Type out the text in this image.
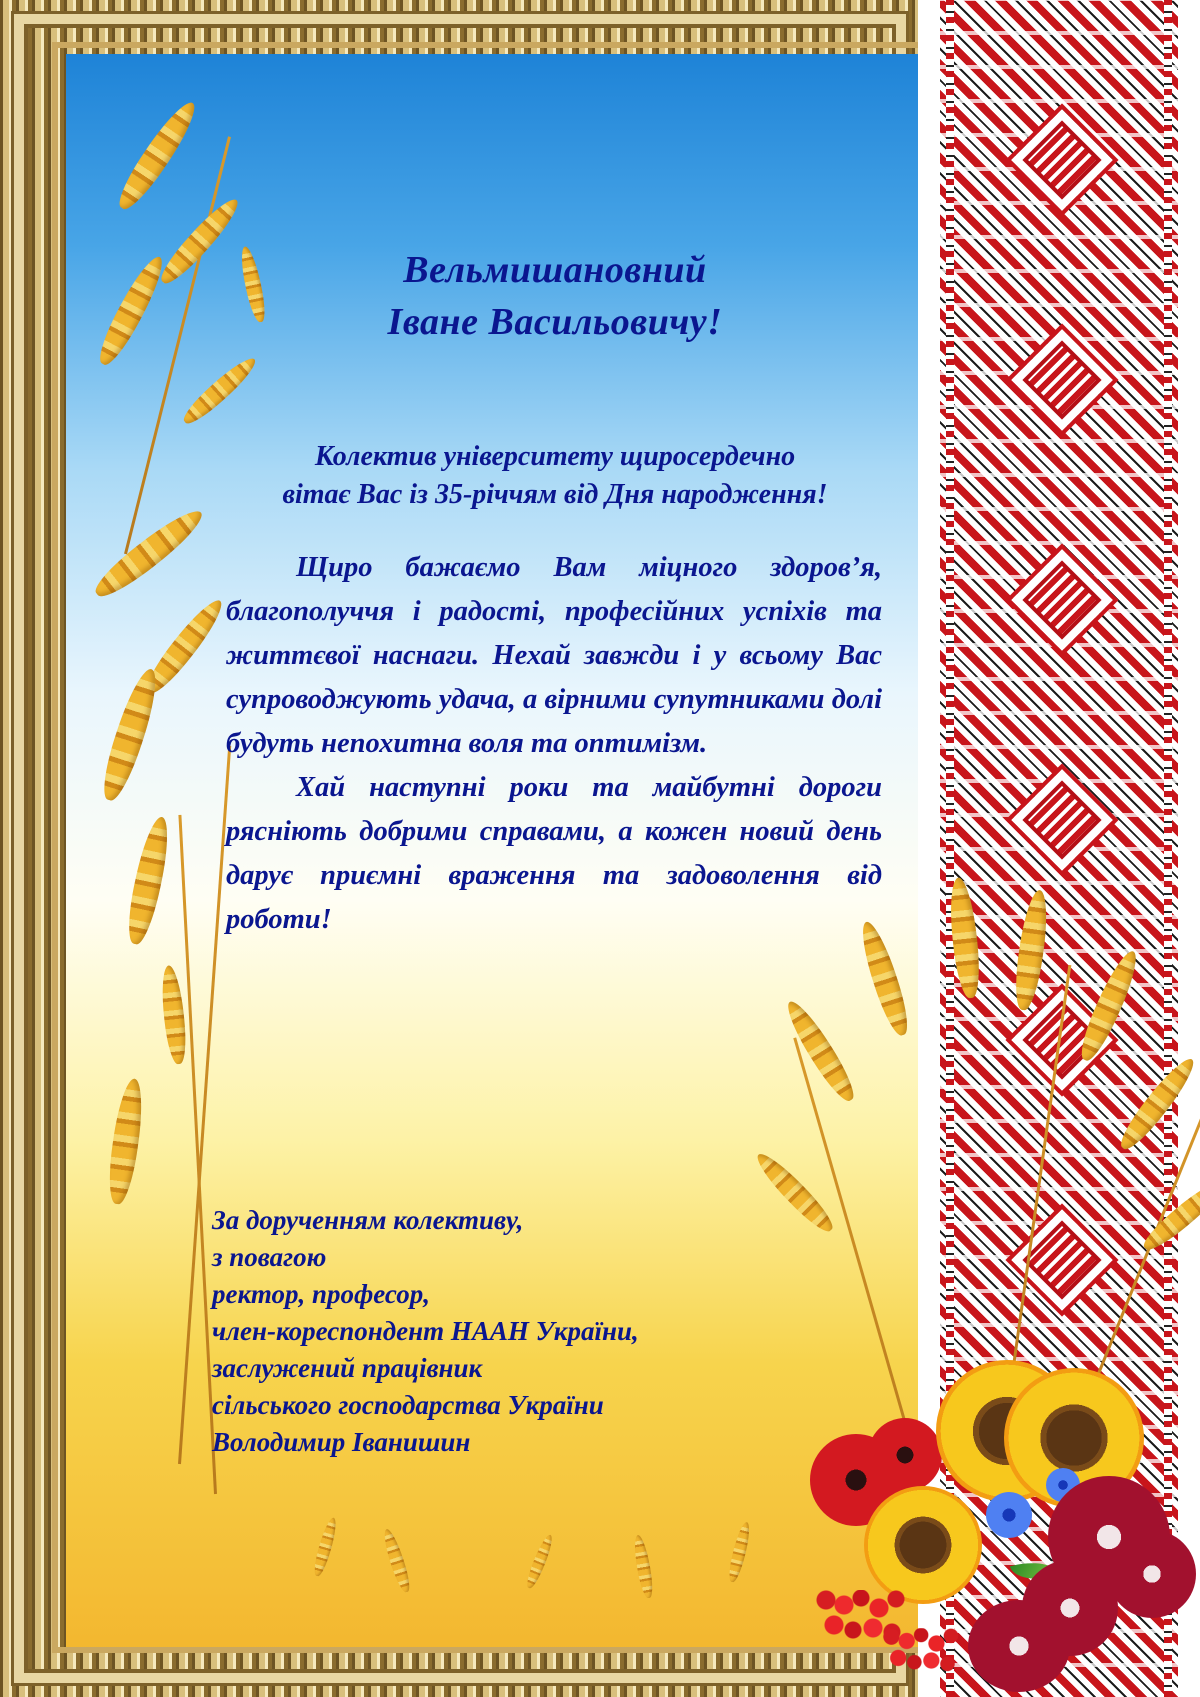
Вельмишановний
Іване Васильовичу!
Колектив університету щиросердечно
вітає Вас із 35-річчям від Дня народження!

Щиро бажаємо Вам міцного здоров’я, благополуччя і радості, професійних успіхів та життєвої наснаги. Нехай завжди і у всьому Вас супроводжують удача, а вірними супутниками долі будуть непохитна воля та оптимізм.

Хай наступні роки та майбутні дороги рясніють добрими справами, а кожен новий день дарує приємні враження та задоволення від роботи!

За дорученням колективу,
з повагою
ректор, професор,
член-кореспондент НААН України,
заслужений працівник
сільського господарства України
Володимир Іванишин
